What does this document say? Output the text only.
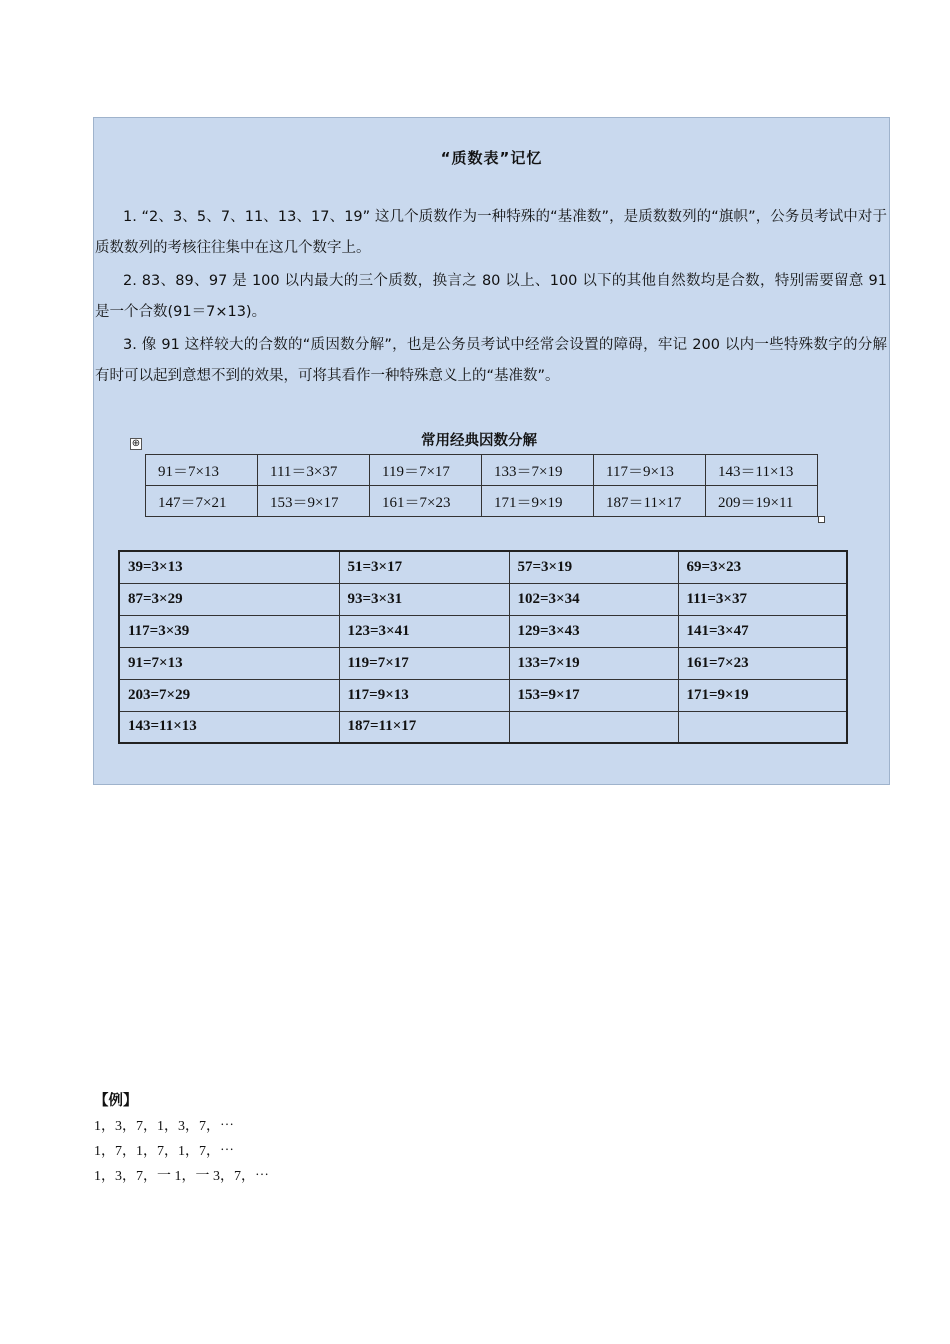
“质数表”记忆
1. “2、3、5、7、11、13、17、19” 这几个质数作为一种特殊的“基准数”，是质数数列的“旗帜”，公务员考试中对于质数数列的考核往往集中在这几个数字上。
2. 83、89、97 是 100 以内最大的三个质数，换言之 80 以上、100 以下的其他自然数均是合数，特别需要留意 91 是一个合数(91＝7×13)。
3. 像 91 这样较大的合数的“质因数分解”，也是公务员考试中经常会设置的障碍，牢记 200 以内一些特殊数字的分解有时可以起到意想不到的效果，可将其看作一种特殊意义上的“基准数”。
⊕	常用经典因数分解
91＝7×13	111＝3×37	119＝7×17	133＝7×19	117＝9×13	143＝11×13
147＝7×21	153＝9×17	161＝7×23	171＝9×19	187＝11×17	209＝19×11
39=3×13	51=3×17	57=3×19	69=3×23
87=3×29	93=3×31	102=3×34	111=3×37
117=3×39	123=3×41	129=3×43	141=3×47
91=7×13	119=7×17	133=7×19	161=7×23
203=7×29	117=9×13	153=9×17	171=9×19
143=11×13	187=11×17		
【例】
1，3，7，1，3，7，⋯
1，7，1，7，1，7，⋯
1，3，7，一 1，一 3，7，⋯
